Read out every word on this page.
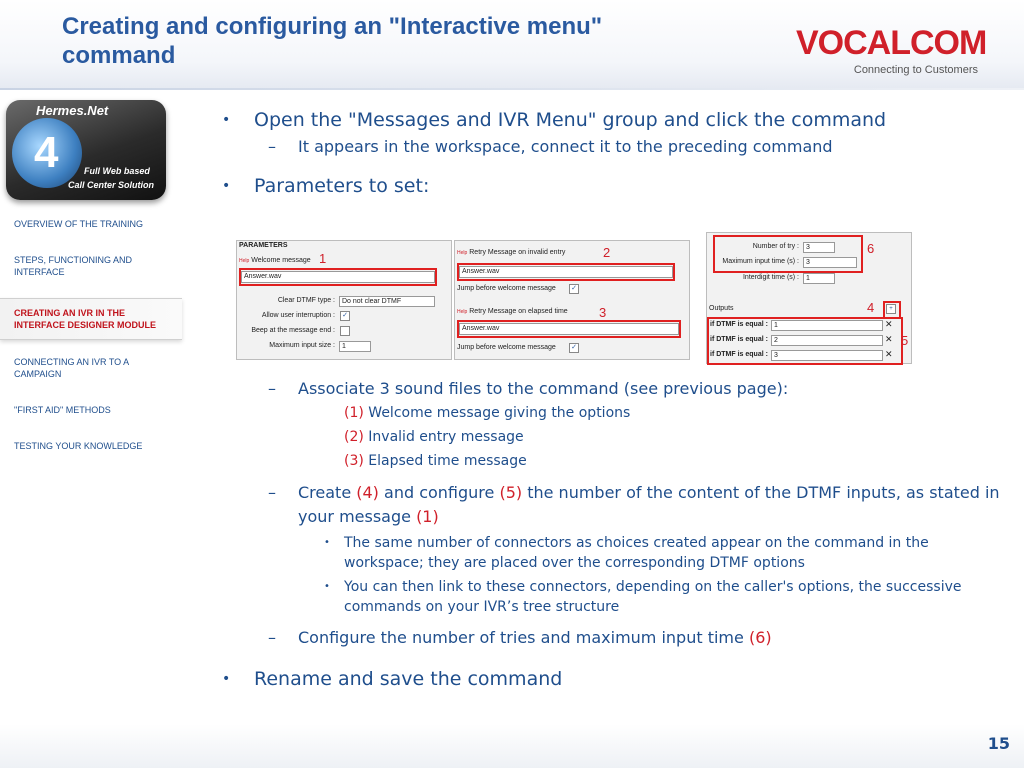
Creating and configuring an "Interactive menu"
command	VOCALCOM
Connecting to Customers
4
Hermes.Net
Full Web based
Call Center Solution
OVERVIEW OF THE TRAINING
STEPS, FUNCTIONING AND INTERFACE
CREATING AN IVR IN THE INTERFACE DESIGNER MODULE
CONNECTING AN IVR TO A CAMPAIGN
"FIRST AID" METHODS
TESTING YOUR KNOWLEDGE
• Open the "Messages and IVR Menu" group and click the command
– It appears in the workspace, connect it to the preceding command
• Parameters to set:
– Associate 3 sound files to the command (see previous page):
(1) Welcome message giving the options
(2) Invalid entry message
(3) Elapsed time message
– Create (4) and configure (5) the number of the content of the DTMF inputs, as stated in your message (1)
• The same number of connectors as choices created appear on the command in the workspace; they are placed over the corresponding DTMF options
• You can then link to these connectors, depending on the caller's options, the successive commands on your IVR’s tree structure
– Configure the number of tries and maximum input time (6)
• Rename and save the command
PARAMETERS
Help Welcome message
Answer.wav
1
Clear DTMF type :	Do not clear DTMF
Allow user interruption : ✓
Beep at the message end :
Maximum input size :	1
Help Retry Message on invalid entry
Answer.wav
2
Jump before welcome message ✓
Help Retry Message on elapsed time
Answer.wav
3
Jump before welcome message ✓
6
Number of try :	3
Maximum input time (s) :	3
Interdigit time (s) :	1
Outputs	4	+
5
if DTMF is equal : 1	✕
if DTMF is equal : 2	✕
if DTMF is equal : 3	✕
15
